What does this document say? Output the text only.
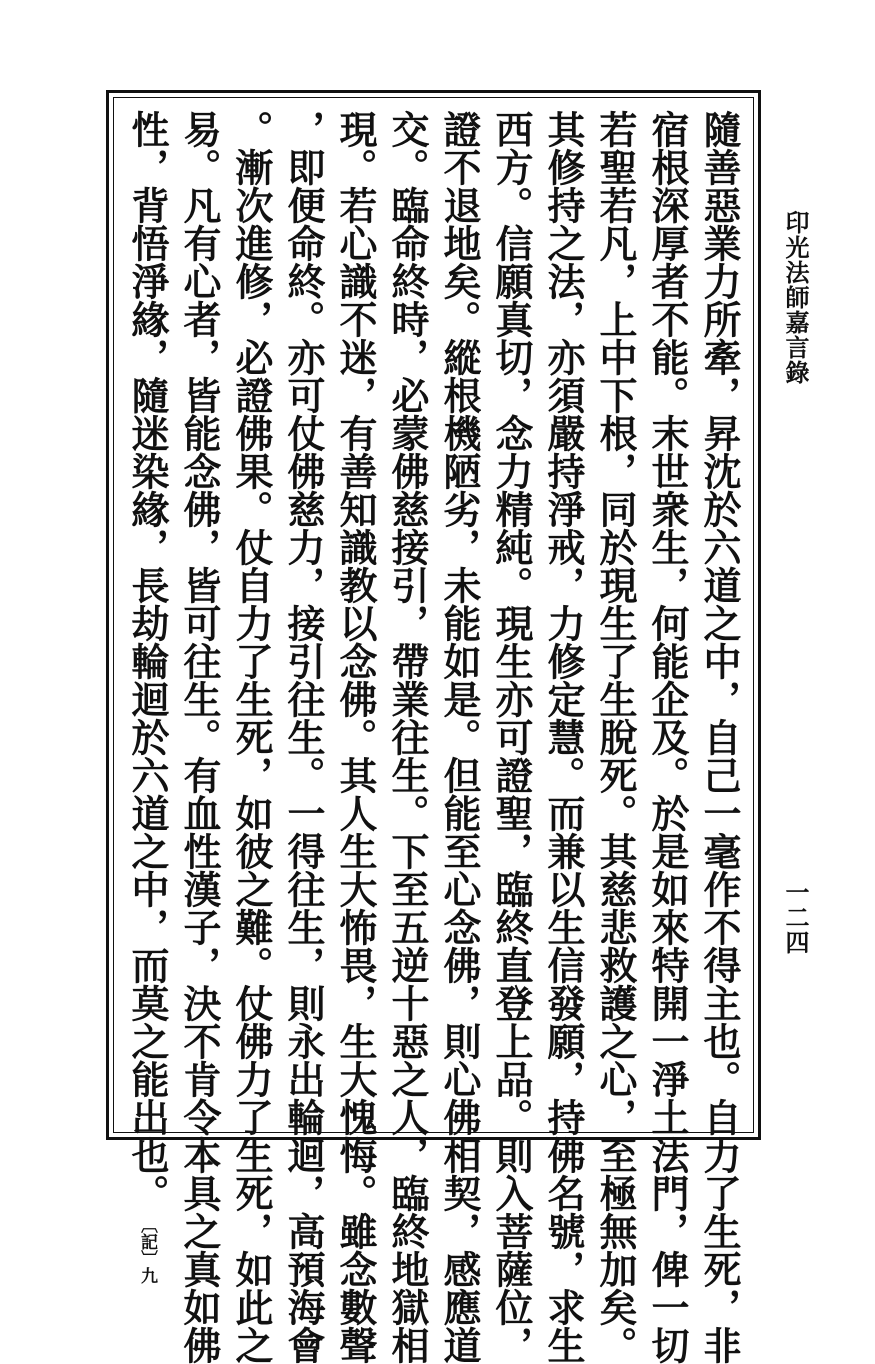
隨善惡業力所牽，昇沈於六道之中，自己一毫作不得主也。自力了生死，非
宿根深厚者不能。末世衆生，何能企及。於是如來特開一淨土法門，俾一切
若聖若凡，上中下根，同於現生了生脫死。其慈悲救護之心，至極無加矣。
其修持之法，亦須嚴持淨戒，力修定慧。而兼以生信發願，持佛名號，求生
西方。信願真切，念力精純。現生亦可證聖，臨終直登上品。則入菩薩位，
證不退地矣。縱根機陋劣，未能如是。但能至心念佛，則心佛相契，感應道
交。臨命終時，必蒙佛慈接引，帶業往生。下至五逆十惡之人，臨終地獄相
現。若心識不迷，有善知識教以念佛。其人生大怖畏，生大愧悔。雖念數聲
，即便命終。亦可仗佛慈力，接引往生。一得往生，則永出輪迴，高預海會
。漸次進修，必證佛果。仗自力了生死，如彼之難。仗佛力了生死，如此之
易。凡有心者，皆能念佛，皆可往生。有血性漢子，決不肯令本具之真如佛
性，背悟淨緣，隨迷染緣，長劫輪迴於六道之中，而莫之能出也。〔記〕九
印光法師嘉言錄
一二四
